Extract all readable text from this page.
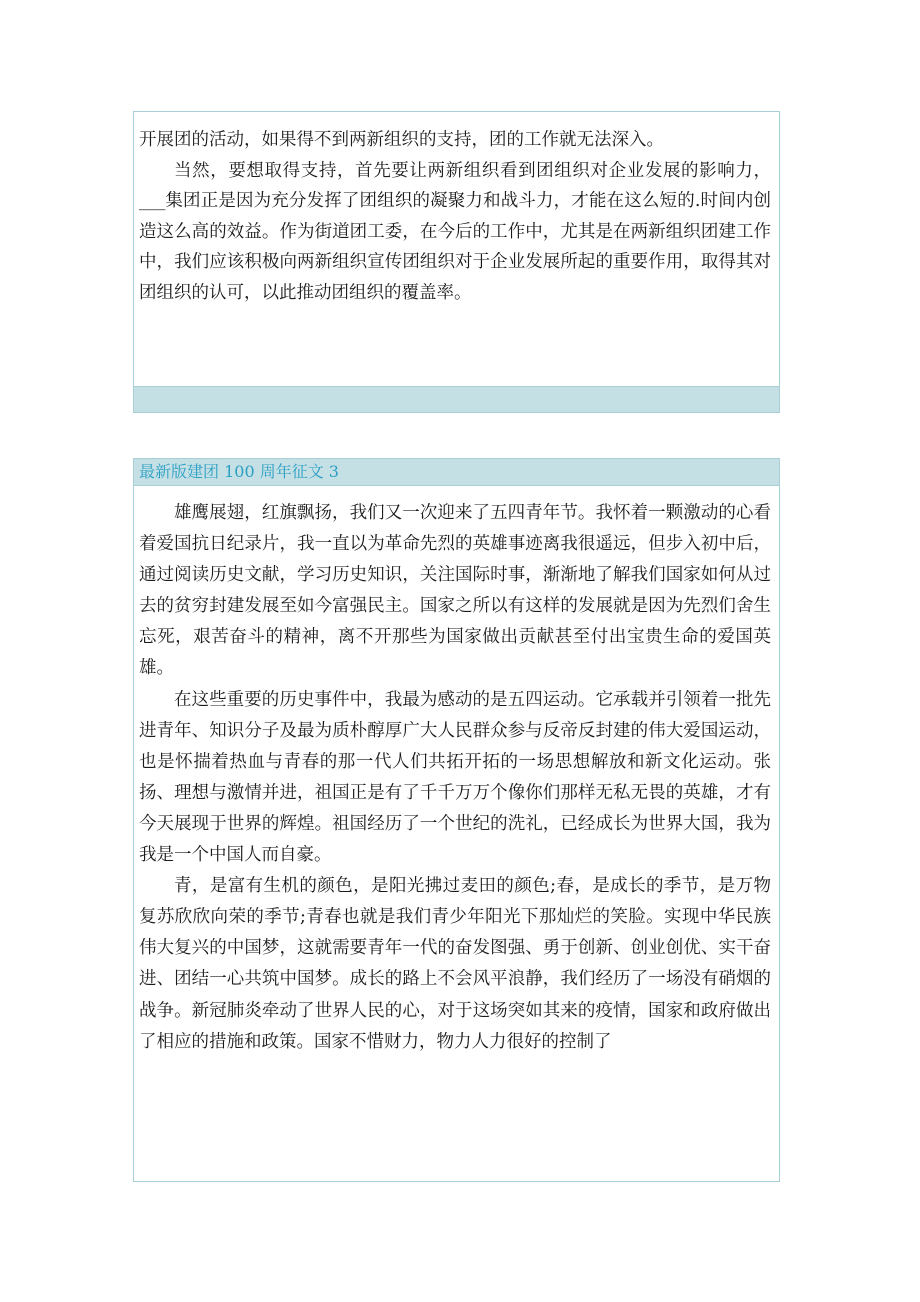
开展团的活动，如果得不到两新组织的支持，团的工作就无法深入。

当然，要想取得支持，首先要让两新组织看到团组织对企业发展的影响力，___集团正是因为充分发挥了团组织的凝聚力和战斗力，才能在这么短的.时间内创造这么高的效益。作为街道团工委，在今后的工作中，尤其是在两新组织团建工作中，我们应该积极向两新组织宣传团组织对于企业发展所起的重要作用，取得其对团组织的认可，以此推动团组织的覆盖率。

最新版建团 100 周年征文 3

雄鹰展翅，红旗飘扬，我们又一次迎来了五四青年节。我怀着一颗激动的心看着爱国抗日纪录片，我一直以为革命先烈的英雄事迹离我很遥远，但步入初中后，通过阅读历史文献，学习历史知识，关注国际时事，渐渐地了解我们国家如何从过去的贫穷封建发展至如今富强民主。国家之所以有这样的发展就是因为先烈们舍生忘死，艰苦奋斗的精神，离不开那些为国家做出贡献甚至付出宝贵生命的爱国英雄。

在这些重要的历史事件中，我最为感动的是五四运动。它承载并引领着一批先进青年、知识分子及最为质朴醇厚广大人民群众参与反帝反封建的伟大爱国运动，也是怀揣着热血与青春的那一代人们共拓开拓的一场思想解放和新文化运动。张扬、理想与激情并进，祖国正是有了千千万万个像你们那样无私无畏的英雄，才有今天展现于世界的辉煌。祖国经历了一个世纪的洗礼，已经成长为世界大国，我为我是一个中国人而自豪。

青，是富有生机的颜色，是阳光拂过麦田的颜色;春，是成长的季节，是万物复苏欣欣向荣的季节;青春也就是我们青少年阳光下那灿烂的笑脸。实现中华民族伟大复兴的中国梦，这就需要青年一代的奋发图强、勇于创新、创业创优、实干奋进、团结一心共筑中国梦。成长的路上不会风平浪静，我们经历了一场没有硝烟的战争。新冠肺炎牵动了世界人民的心，对于这场突如其来的疫情，国家和政府做出了相应的措施和政策。国家不惜财力，物力人力很好的控制了
